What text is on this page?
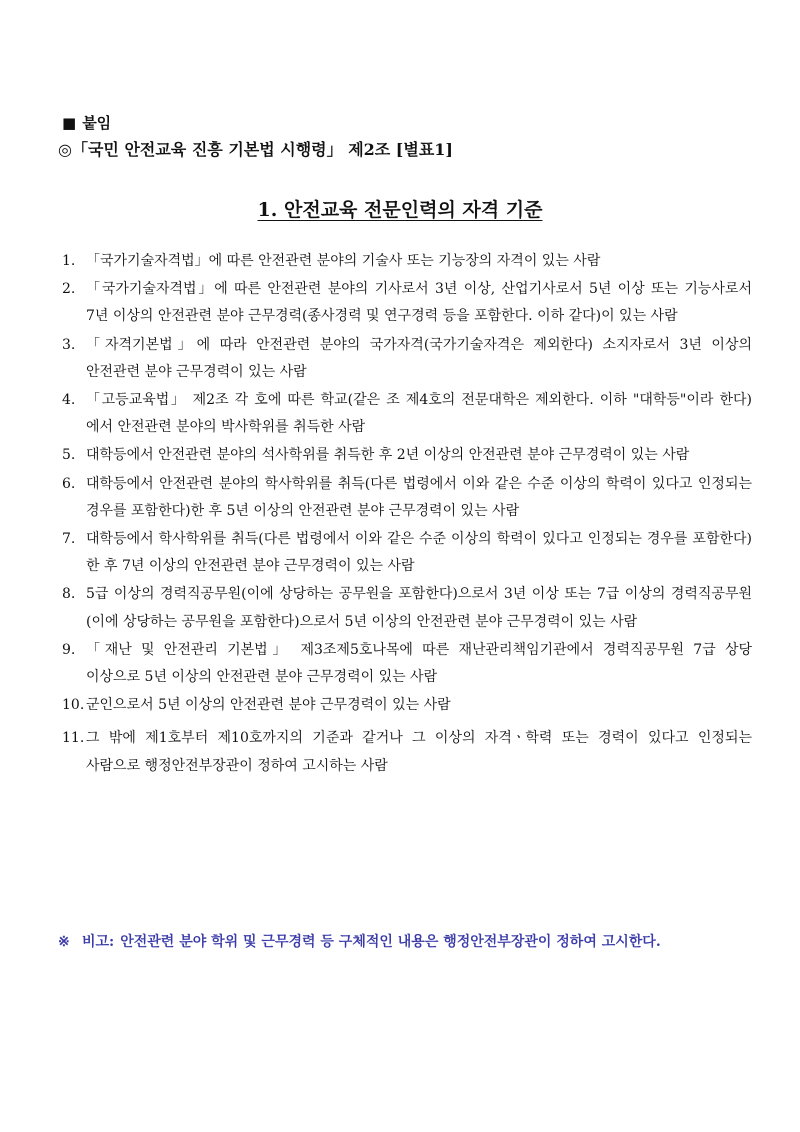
■ 붙임
◎「국민 안전교육 진흥 기본법 시행령」 제2조 [별표1]
1. 안전교육 전문인력의 자격 기준
1. 「국가기술자격법」에 따른 안전관련 분야의 기술사 또는 기능장의 자격이 있는 사람
2. 「국가기술자격법」에 따른 안전관련 분야의 기사로서 3년 이상, 산업기사로서 5년 이상 또는 기능사로서 7년 이상의 안전관련 분야 근무경력(종사경력 및 연구경력 등을 포함한다. 이하 같다)이 있는 사람
3. 「자격기본법」에 따라 안전관련 분야의 국가자격(국가기술자격은 제외한다) 소지자로서 3년 이상의 안전관련 분야 근무경력이 있는 사람
4. 「고등교육법」 제2조 각 호에 따른 학교(같은 조 제4호의 전문대학은 제외한다. 이하 "대학등"이라 한다)에서 안전관련 분야의 박사학위를 취득한 사람
5. 대학등에서 안전관련 분야의 석사학위를 취득한 후 2년 이상의 안전관련 분야 근무경력이 있는 사람
6. 대학등에서 안전관련 분야의 학사학위를 취득(다른 법령에서 이와 같은 수준 이상의 학력이 있다고 인정되는 경우를 포함한다)한 후 5년 이상의 안전관련 분야 근무경력이 있는 사람
7. 대학등에서 학사학위를 취득(다른 법령에서 이와 같은 수준 이상의 학력이 있다고 인정되는 경우를 포함한다)한 후 7년 이상의 안전관련 분야 근무경력이 있는 사람
8. 5급 이상의 경력직공무원(이에 상당하는 공무원을 포함한다)으로서 3년 이상 또는 7급 이상의 경력직공무원(이에 상당하는 공무원을 포함한다)으로서 5년 이상의 안전관련 분야 근무경력이 있는 사람
9. 「재난 및 안전관리 기본법」 제3조제5호나목에 따른 재난관리책임기관에서 경력직공무원 7급 상당 이상으로 5년 이상의 안전관련 분야 근무경력이 있는 사람
10. 군인으로서 5년 이상의 안전관련 분야 근무경력이 있는 사람
11. 그 밖에 제1호부터 제10호까지의 기준과 같거나 그 이상의 자격ㆍ학력 또는 경력이 있다고 인정되는 사람으로 행정안전부장관이 정하여 고시하는 사람
※ 비고: 안전관련 분야 학위 및 근무경력 등 구체적인 내용은 행정안전부장관이 정하여 고시한다.
